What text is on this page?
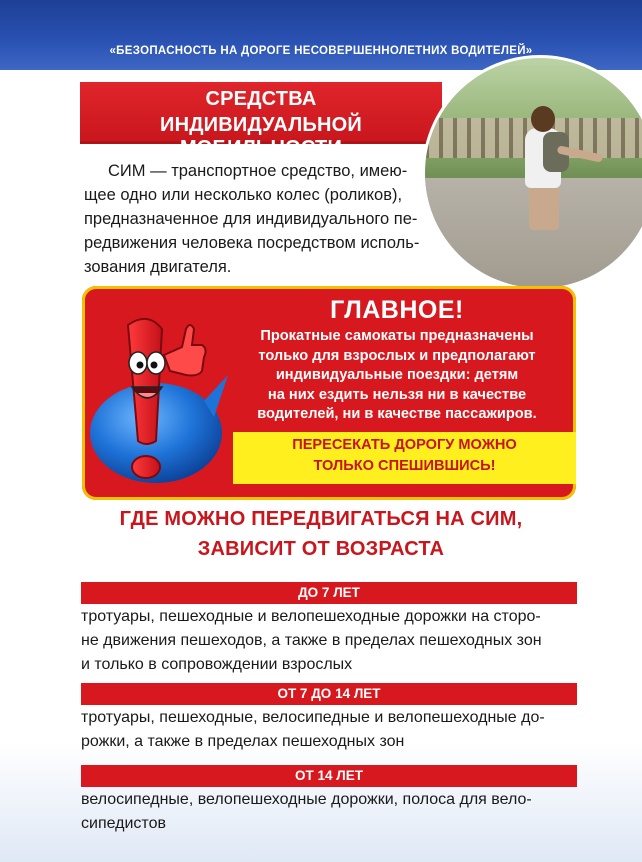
«БЕЗОПАСНОСТЬ НА ДОРОГЕ НЕСОВЕРШЕННОЛЕТНИХ ВОДИТЕЛЕЙ»
СРЕДСТВА
ИНДИВИДУАЛЬНОЙ МОБИЛЬНОСТИ
СИМ — транспортное средство, имею-
щее одно или несколько колес (роликов),
предназначенное для индивидуального пе-
редвижения человека посредством исполь-
зования двигателя.
ГЛАВНОЕ!
Прокатные самокаты предназначены
только для взрослых и предполагают
индивидуальные поездки: детям
на них ездить нельзя ни в качестве
водителей, ни в качестве пассажиров.
ПЕРЕСЕКАТЬ ДОРОГУ МОЖНО
ТОЛЬКО СПЕШИВШИСЬ!
ГДЕ МОЖНО ПЕРЕДВИГАТЬСЯ НА СИМ,
ЗАВИСИТ ОТ ВОЗРАСТА
ДО 7 ЛЕТ
тротуары, пешеходные и велопешеходные дорожки на сторо-
не движения пешеходов, а также в пределах пешеходных зон
и только в сопровождении взрослых
ОТ 7 ДО 14 ЛЕТ
тротуары, пешеходные, велосипедные и велопешеходные до-
рожки, а также в пределах пешеходных зон
ОТ 14 ЛЕТ
велосипедные, велопешеходные дорожки, полоса для вело-
сипедистов
